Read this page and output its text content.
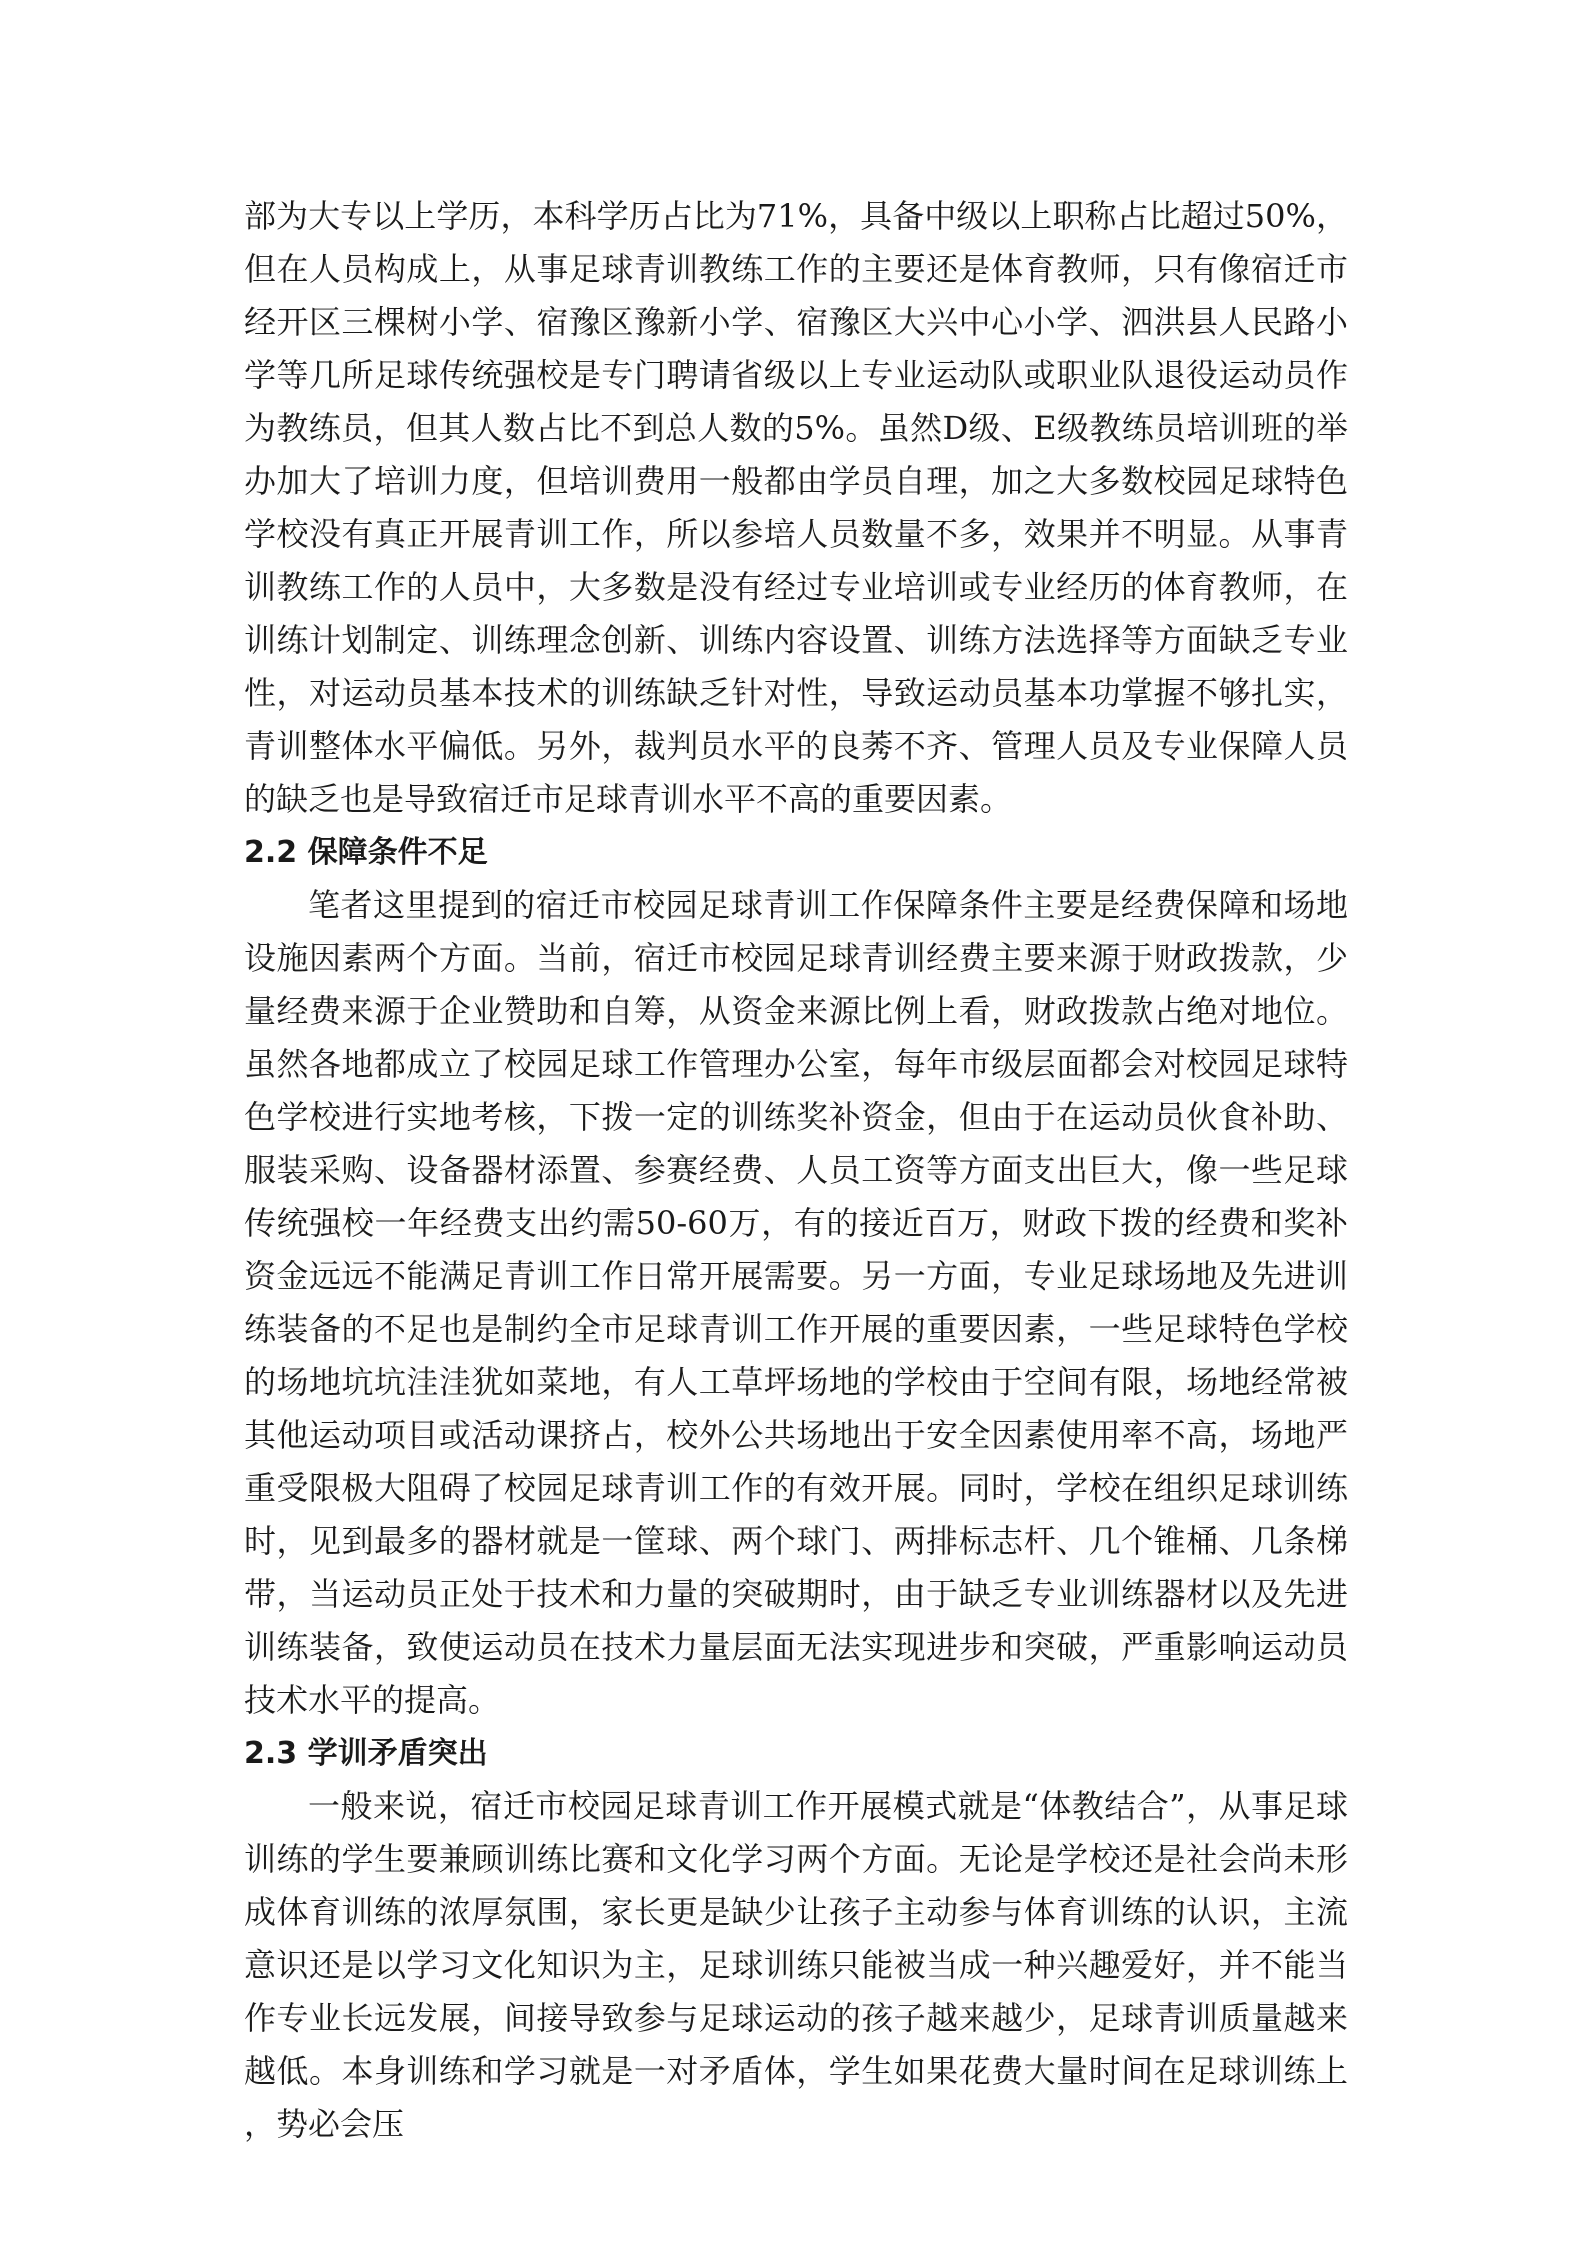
部为大专以上学历，本科学历占比为71%，具备中级以上职称占比超过50%，但在人员构成上，从事足球青训教练工作的主要还是体育教师，只有像宿迁市经开区三棵树小学、宿豫区豫新小学、宿豫区大兴中心小学、泗洪县人民路小学等几所足球传统强校是专门聘请省级以上专业运动队或职业队退役运动员作为教练员，但其人数占比不到总人数的5%。虽然D级、E级教练员培训班的举办加大了培训力度，但培训费用一般都由学员自理，加之大多数校园足球特色学校没有真正开展青训工作，所以参培人员数量不多，效果并不明显。从事青训教练工作的人员中，大多数是没有经过专业培训或专业经历的体育教师，在训练计划制定、训练理念创新、训练内容设置、训练方法选择等方面缺乏专业性，对运动员基本技术的训练缺乏针对性，导致运动员基本功掌握不够扎实，青训整体水平偏低。另外，裁判员水平的良莠不齐、管理人员及专业保障人员的缺乏也是导致宿迁市足球青训水平不高的重要因素。

2.2 保障条件不足

笔者这里提到的宿迁市校园足球青训工作保障条件主要是经费保障和场地设施因素两个方面。当前，宿迁市校园足球青训经费主要来源于财政拨款，少量经费来源于企业赞助和自筹，从资金来源比例上看，财政拨款占绝对地位。虽然各地都成立了校园足球工作管理办公室，每年市级层面都会对校园足球特色学校进行实地考核，下拨一定的训练奖补资金，但由于在运动员伙食补助、服装采购、设备器材添置、参赛经费、人员工资等方面支出巨大，像一些足球传统强校一年经费支出约需50-60万，有的接近百万，财政下拨的经费和奖补资金远远不能满足青训工作日常开展需要。另一方面，专业足球场地及先进训练装备的不足也是制约全市足球青训工作开展的重要因素，一些足球特色学校的场地坑坑洼洼犹如菜地，有人工草坪场地的学校由于空间有限，场地经常被其他运动项目或活动课挤占，校外公共场地出于安全因素使用率不高，场地严重受限极大阻碍了校园足球青训工作的有效开展。同时，学校在组织足球训练时，见到最多的器材就是一筐球、两个球门、两排标志杆、几个锥桶、几条梯带，当运动员正处于技术和力量的突破期时，由于缺乏专业训练器材以及先进训练装备，致使运动员在技术力量层面无法实现进步和突破，严重影响运动员技术水平的提高。

2.3 学训矛盾突出

一般来说，宿迁市校园足球青训工作开展模式就是“体教结合”，从事足球训练的学生要兼顾训练比赛和文化学习两个方面。无论是学校还是社会尚未形成体育训练的浓厚氛围，家长更是缺少让孩子主动参与体育训练的认识，主流意识还是以学习文化知识为主，足球训练只能被当成一种兴趣爱好，并不能当作专业长远发展，间接导致参与足球运动的孩子越来越少，足球青训质量越来越低。本身训练和学习就是一对矛盾体，学生如果花费大量时间在足球训练上，势必会压
